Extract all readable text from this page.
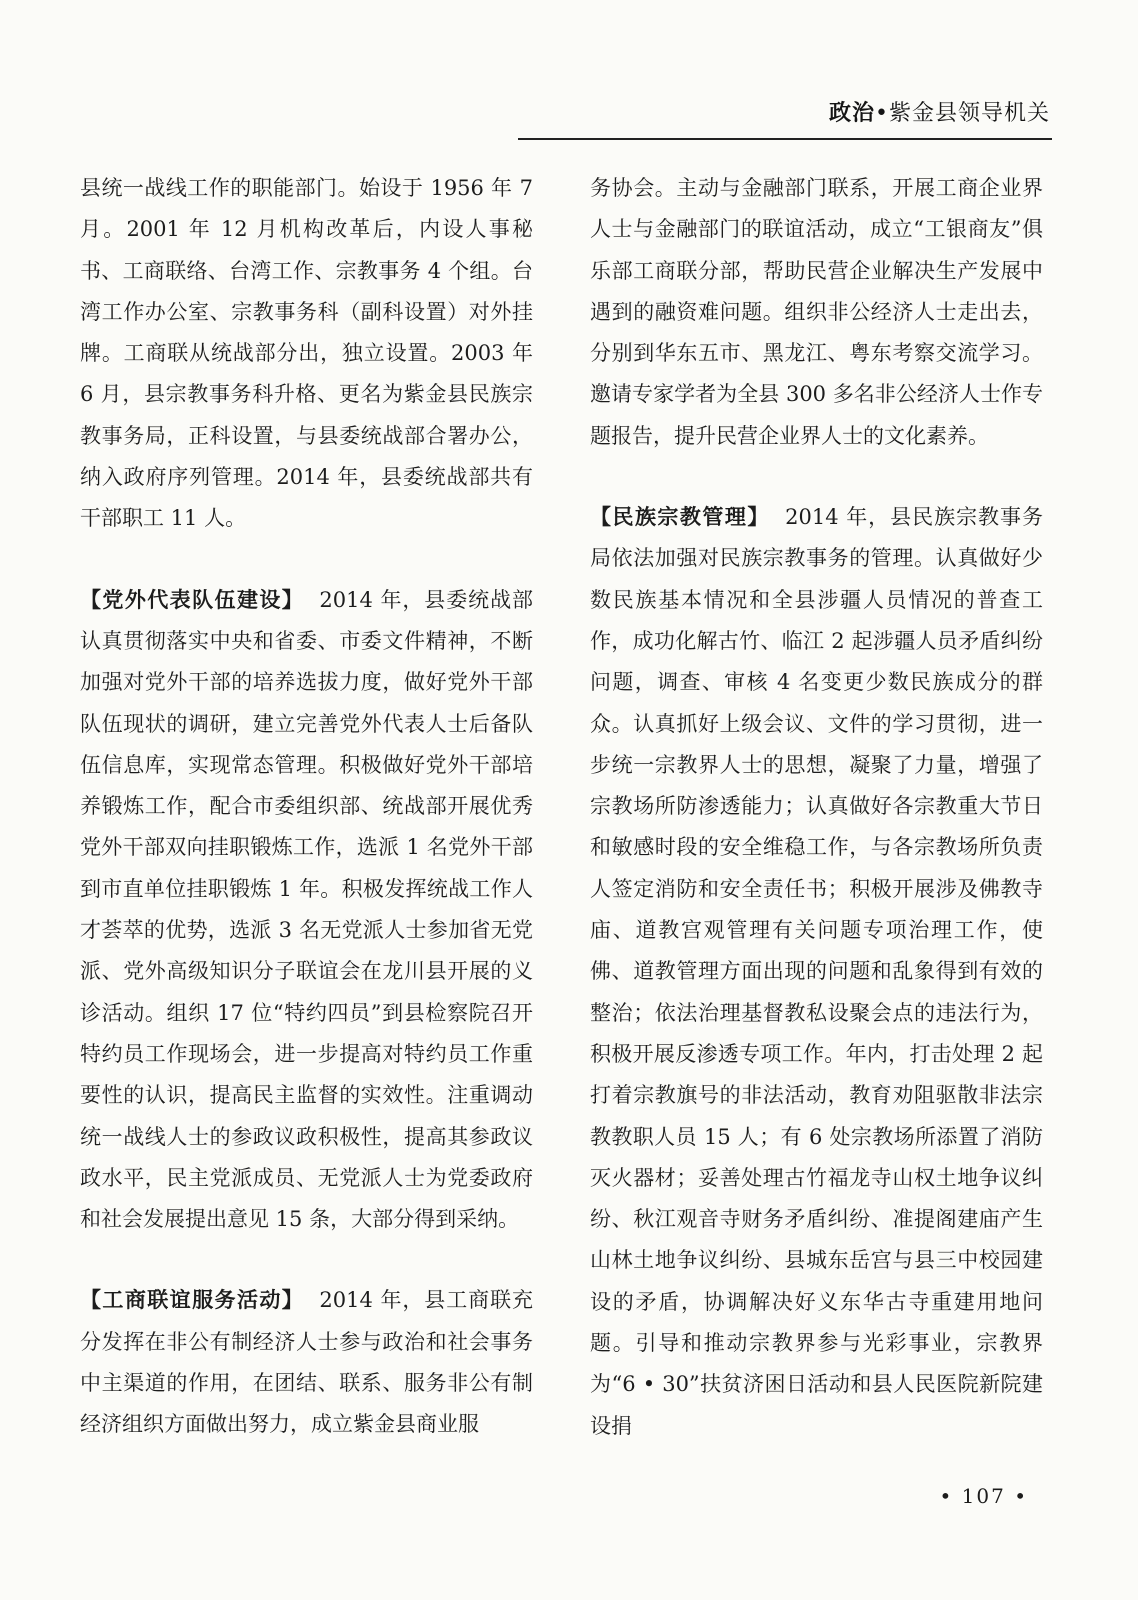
政治•紫金县领导机关

县统一战线工作的职能部门。始设于 1956 年 7 月。2001 年 12 月机构改革后，内设人事秘书、工商联络、台湾工作、宗教事务 4 个组。台湾工作办公室、宗教事务科（副科设置）对外挂牌。工商联从统战部分出，独立设置。2003 年 6 月，县宗教事务科升格、更名为紫金县民族宗教事务局，正科设置，与县委统战部合署办公，纳入政府序列管理。2014 年，县委统战部共有干部职工 11 人。

【党外代表队伍建设】 2014 年，县委统战部认真贯彻落实中央和省委、市委文件精神，不断加强对党外干部的培养选拔力度，做好党外干部队伍现状的调研，建立完善党外代表人士后备队伍信息库，实现常态管理。积极做好党外干部培养锻炼工作，配合市委组织部、统战部开展优秀党外干部双向挂职锻炼工作，选派 1 名党外干部到市直单位挂职锻炼 1 年。积极发挥统战工作人才荟萃的优势，选派 3 名无党派人士参加省无党派、党外高级知识分子联谊会在龙川县开展的义诊活动。组织 17 位“特约四员”到县检察院召开特约员工作现场会，进一步提高对特约员工作重要性的认识，提高民主监督的实效性。注重调动统一战线人士的参政议政积极性，提高其参政议政水平，民主党派成员、无党派人士为党委政府和社会发展提出意见 15 条，大部分得到采纳。

【工商联谊服务活动】 2014 年，县工商联充分发挥在非公有制经济人士参与政治和社会事务中主渠道的作用，在团结、联系、服务非公有制经济组织方面做出努力，成立紫金县商业服

务协会。主动与金融部门联系，开展工商企业界人士与金融部门的联谊活动，成立“工银商友”俱乐部工商联分部，帮助民营企业解决生产发展中遇到的融资难问题。组织非公经济人士走出去，分别到华东五市、黑龙江、粤东考察交流学习。邀请专家学者为全县 300 多名非公经济人士作专题报告，提升民营企业界人士的文化素养。

【民族宗教管理】 2014 年，县民族宗教事务局依法加强对民族宗教事务的管理。认真做好少数民族基本情况和全县涉疆人员情况的普查工作，成功化解古竹、临江 2 起涉疆人员矛盾纠纷问题，调查、审核 4 名变更少数民族成分的群众。认真抓好上级会议、文件的学习贯彻，进一步统一宗教界人士的思想，凝聚了力量，增强了宗教场所防渗透能力；认真做好各宗教重大节日和敏感时段的安全维稳工作，与各宗教场所负责人签定消防和安全责任书；积极开展涉及佛教寺庙、道教宫观管理有关问题专项治理工作，使佛、道教管理方面出现的问题和乱象得到有效的整治；依法治理基督教私设聚会点的违法行为，积极开展反渗透专项工作。年内，打击处理 2 起打着宗教旗号的非法活动，教育劝阻驱散非法宗教教职人员 15 人；有 6 处宗教场所添置了消防灭火器材；妥善处理古竹福龙寺山权土地争议纠纷、秋江观音寺财务矛盾纠纷、准提阁建庙产生山林土地争议纠纷、县城东岳宫与县三中校园建设的矛盾，协调解决好义东华古寺重建用地问题。引导和推动宗教界参与光彩事业，宗教界为“6 • 30”扶贫济困日活动和县人民医院新院建设捐

• 107 •
